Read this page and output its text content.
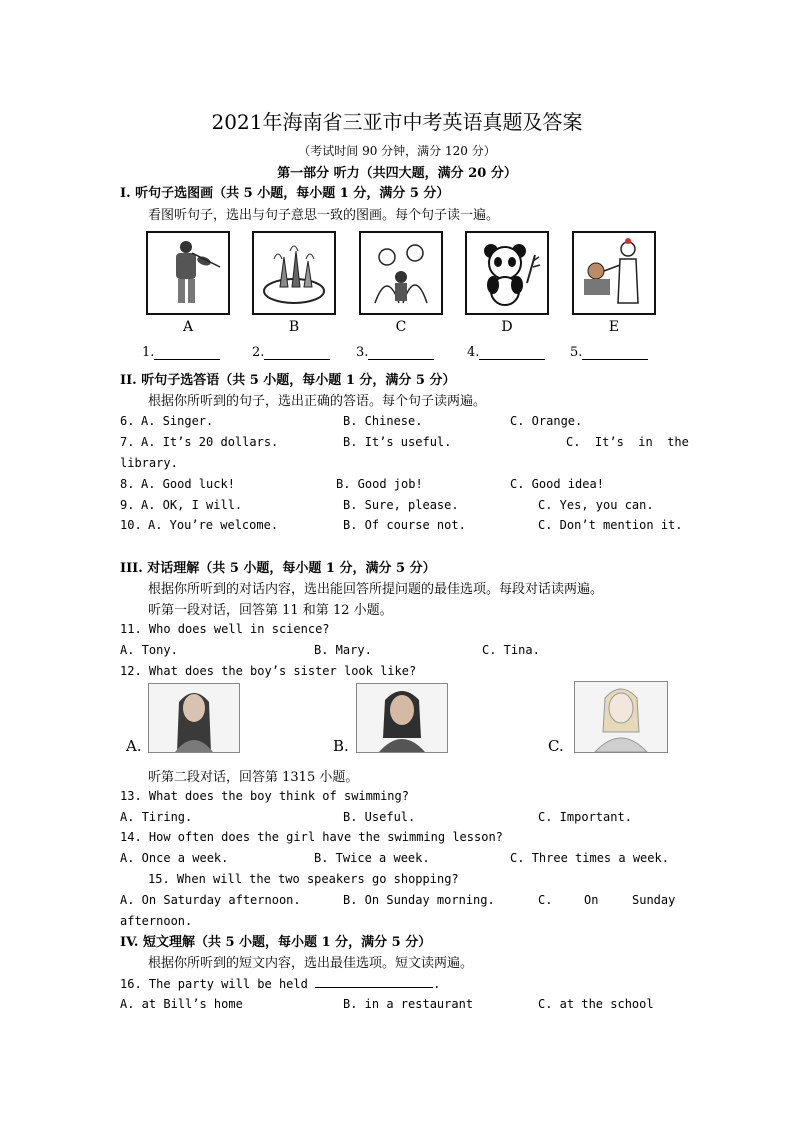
2021年海南省三亚市中考英语真题及答案
（考试时间 90 分钟，满分 120 分）
第一部分 听力（共四大题，满分 20 分）
I. 听句子选图画（共 5 小题，每小题 1 分，满分 5 分）
看图听句子，选出与句子意思一致的图画。每个句子读一遍。
A	B	C	D	E
1.	2.	3.	4.	5.
II. 听句子选答语（共 5 小题，每小题 1 分，满分 5 分）
根据你所听到的句子，选出正确的答语。每个句子读两遍。
6. A. Singer.	B. Chinese.	C. Orange.
7. A. It’s 20 dollars.	B. It’s useful.	C.  It’s  in  the
library.
8. A. Good luck!	B. Good job!	C. Good idea!
9. A. OK, I will.	B. Sure, please.	C. Yes, you can.
10. A. You’re welcome.	B. Of course not.	C. Don’t mention it.
III. 对话理解（共 5 小题，每小题 1 分，满分 5 分）
根据你所听到的对话内容，选出能回答所提问题的最佳选项。每段对话读两遍。
听第一段对话，回答第 11 和第 12 小题。
11. Who does well in science?
A. Tony.	B. Mary.	C. Tina.
12. What does the boy’s sister look like?
A.	B.	C.
听第二段对话，回答第 1315 小题。
13. What does the boy think of swimming?
A. Tiring.	B. Useful.	C. Important.
14. How often does the girl have the swimming lesson?
A. Once a week.	B. Twice a week.	C. Three times a week.
15. When will the two speakers go shopping?
A. On Saturday afternoon.	B. On Sunday morning.	C.	On	Sunday
afternoon.
IV. 短文理解（共 5 小题，每小题 1 分，满分 5 分）
根据你所听到的短文内容，选出最佳选项。短文读两遍。
16. The party will be held	.
A. at Bill’s home	B. in a restaurant	C. at the school
